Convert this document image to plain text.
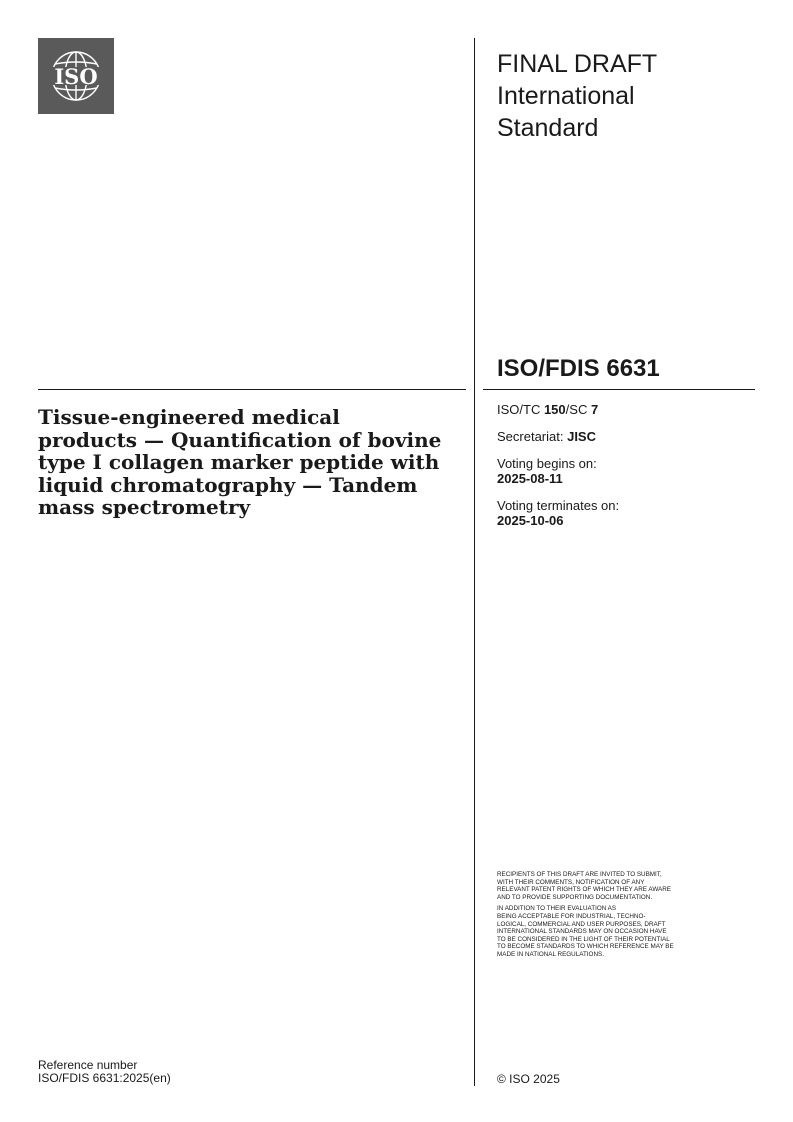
ISO	FINAL DRAFT
International
Standard
ISO/FDIS 6631
Tissue-engineered medical
products — Quantification of bovine
type I collagen marker peptide with
liquid chromatography — Tandem
mass spectrometry
ISO/TC 150/SC 7
Secretariat: JISC
Voting begins on:
2025-08-11
Voting terminates on:
2025-10-06
RECIPIENTS OF THIS DRAFT ARE INVITED TO SUBMIT,
WITH THEIR COMMENTS, NOTIFICATION OF ANY
RELEVANT PATENT RIGHTS OF WHICH THEY ARE AWARE
AND TO PROVIDE SUPPORTING DOCUMENTATION.
IN ADDITION TO THEIR EVALUATION AS
BEING ACCEPTABLE FOR INDUSTRIAL, TECHNO-
LOGICAL, COMMERCIAL AND USER PURPOSES, DRAFT
INTERNATIONAL STANDARDS MAY ON OCCASION HAVE
TO BE CONSIDERED IN THE LIGHT OF THEIR POTENTIAL
TO BECOME STANDARDS TO WHICH REFERENCE MAY BE
MADE IN NATIONAL REGULATIONS.
Reference number
ISO/FDIS 6631:2025(en)	© ISO 2025
